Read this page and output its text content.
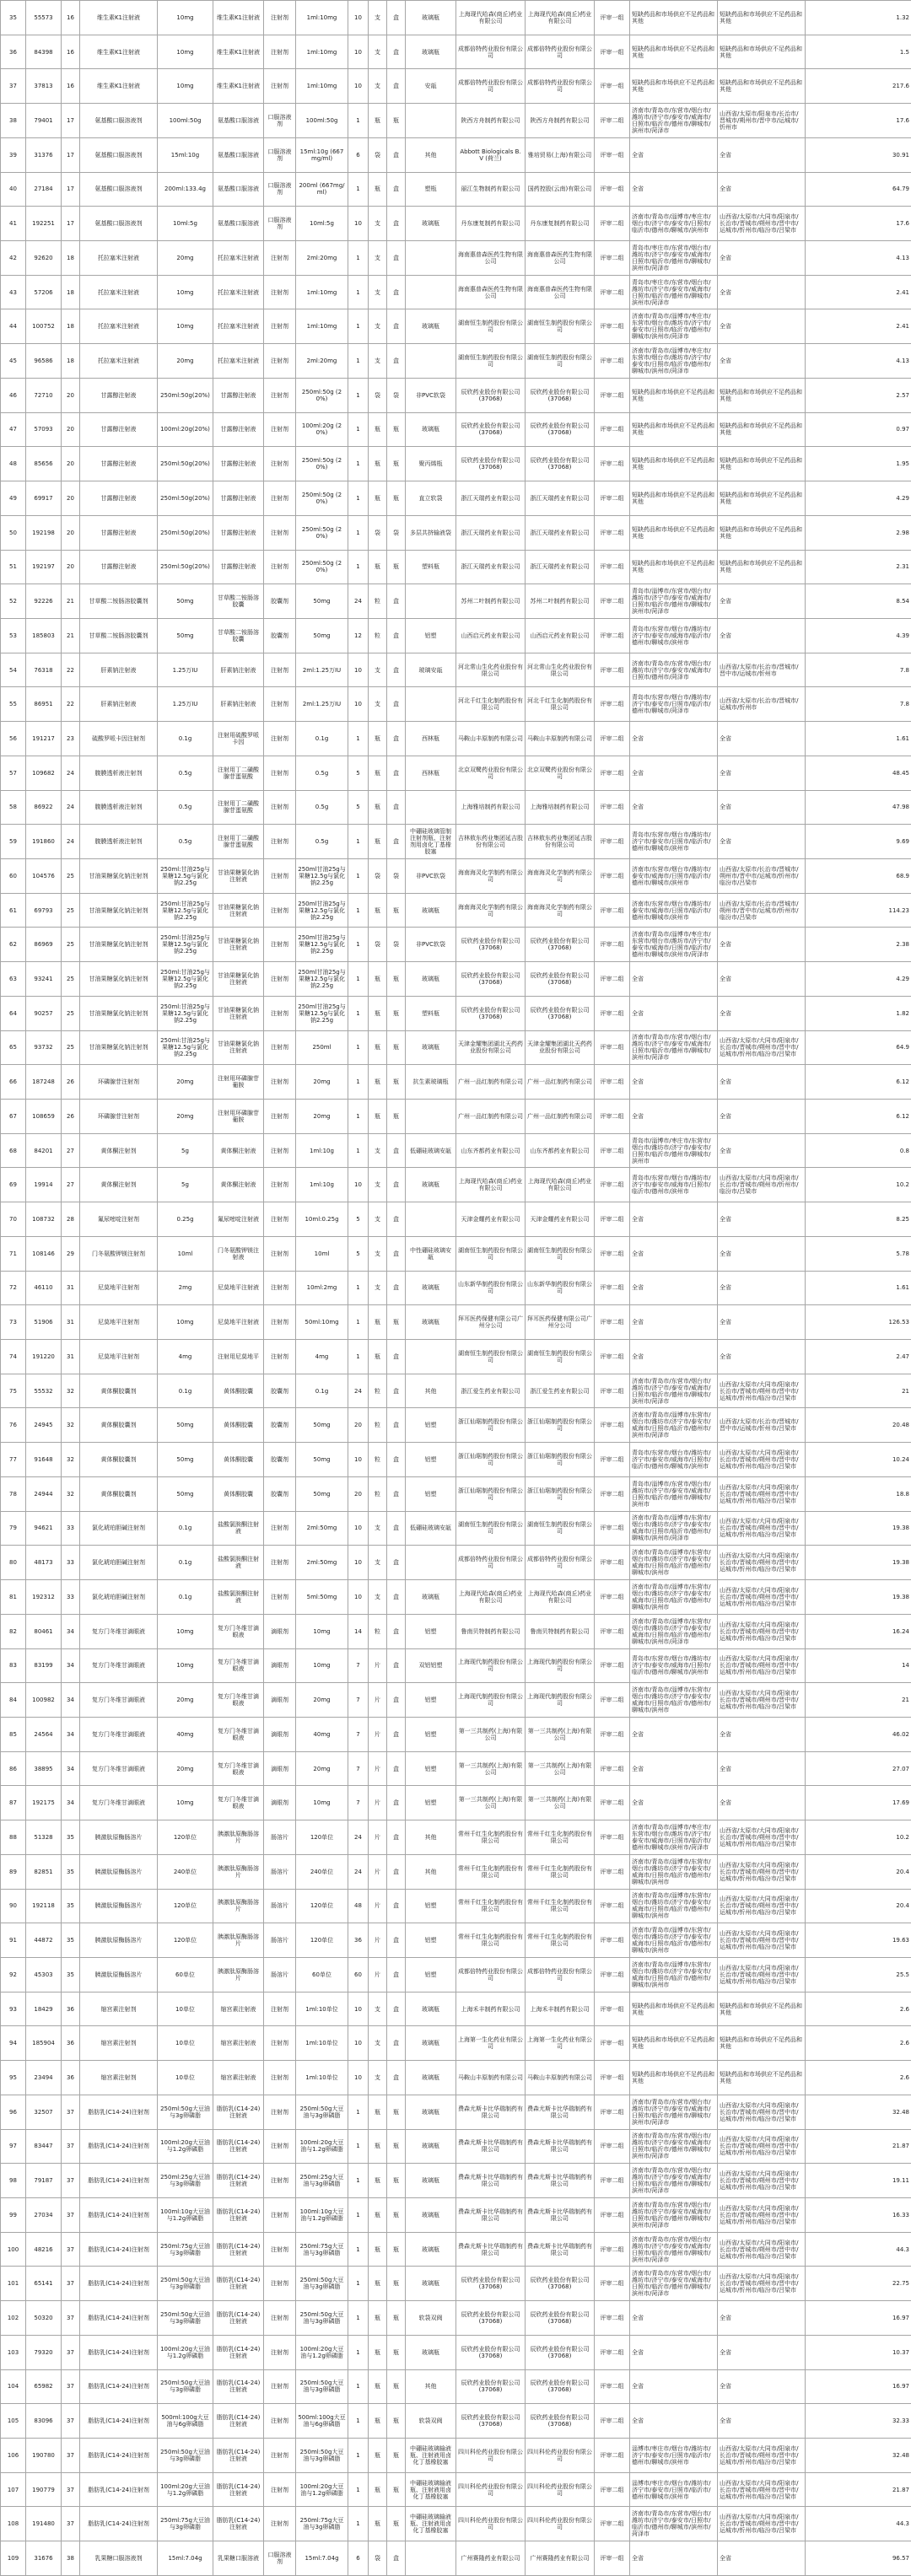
35	55573	16	维生素K1注射液	10mg	维生素K1注射液	注射剂	1ml:10mg	10	支	盒	玻璃瓶	上海现代哈森(商丘)药业有限公司	上海现代哈森(商丘)药业有限公司	评审一组	短缺药品和市场供应不足药品和其他	短缺药品和市场供应不足药品和其他	1.32
36	84398	16	维生素K1注射液	10mg	维生素K1注射液	注射剂	1ml:10mg	10	支	盒	玻璃瓶	成都倍特药业股份有限公司	成都倍特药业股份有限公司	评审一组	短缺药品和市场供应不足药品和其他	短缺药品和市场供应不足药品和其他	1.5
37	37813	16	维生素K1注射液	10mg	维生素K1注射液	注射剂	1ml:10mg	10	支	盒	安瓿	成都倍特药业股份有限公司	成都倍特药业股份有限公司	评审一组	短缺药品和市场供应不足药品和其他	短缺药品和市场供应不足药品和其他	217.6
38	79401	17	氨基酸口服溶液剂	100ml:50g	氨基酸口服溶液	口服溶液剂	100ml:50g	1	瓶	瓶		陕西方舟制药有限公司	陕西方舟制药有限公司	评审二组	济南市/青岛市/东营市/烟台市/潍坊市/济宁市/泰安市/威海市/日照市/临沂市/德州市/聊城市/滨州市/菏泽市	山西省/太原市/阳泉市/长治市/晋城市/朔州市/晋中市/运城市/忻州市	17.6
39	31376	17	氨基酸口服溶液剂	15ml:10g	氨基酸口服溶液	口服溶液剂	15ml:10g (667mg/ml)	6	袋	盒	其他	Abbott Biologicals B.V (荷兰)	雅培贸易(上海)有限公司	评审一组	全省	全省	30.91
40	27184	17	氨基酸口服溶液剂	200ml:133.4g	氨基酸口服溶液	口服溶液剂	200ml (667mg/ml)	1	瓶	盒	塑瓶	丽江生物制药有限公司	国药控股(云南)有限公司	评审一组	全省	全省	64.79
41	192251	17	氨基酸口服溶液剂	10ml:5g	氨基酸口服溶液	口服溶液剂	10ml:5g	10	支	盒	玻璃瓶	丹东康复制药有限公司	丹东康复制药有限公司	评审二组	济南市/青岛市/淄博市/枣庄市/烟台市/济宁市/泰安市/日照市/临沂市/德州市/聊城市/滨州市	山西省/太原市/大同市/阳泉市/长治市/晋城市/朔州市/晋中市/运城市/忻州市/临汾市/吕梁市	17.6
42	92620	18	托拉塞米注射液	20mg	托拉塞米注射液	注射剂	2ml:20mg	1	支	盒		海南惠普森医药生物有限公司	海南惠普森医药生物有限公司	评审二组	青岛市/枣庄市/东营市/烟台市/潍坊市/济宁市/泰安市/威海市/日照市/临沂市/德州市/聊城市/滨州市/菏泽市	全省	4.13
43	57206	18	托拉塞米注射液	10mg	托拉塞米注射液	注射剂	1ml:10mg	1	支	盒		海南惠普森医药生物有限公司	海南惠普森医药生物有限公司	评审二组	青岛市/枣庄市/东营市/烟台市/潍坊市/济宁市/泰安市/威海市/日照市/临沂市/德州市/聊城市/滨州市/菏泽市	全省	2.41
44	100752	18	托拉塞米注射液	10mg	托拉塞米注射液	注射剂	1ml:10mg	1	支	盒	玻璃瓶	湖南恒生制药股份有限公司	湖南恒生制药股份有限公司	评审二组	济南市/青岛市/淄博市/枣庄市/东营市/烟台市/潍坊市/济宁市/泰安市/日照市/临沂市/德州市/聊城市/滨州市/菏泽市	全省	2.41
45	96586	18	托拉塞米注射液	20mg	托拉塞米注射液	注射剂	2ml:20mg	1	支	盒		湖南恒生制药股份有限公司	湖南恒生制药股份有限公司	评审二组	济南市/青岛市/淄博市/枣庄市/东营市/烟台市/潍坊市/济宁市/泰安市/日照市/临沂市/德州市/聊城市/滨州市/菏泽市	全省	4.13
46	72710	20	甘露醇注射液	250ml:50g(20%)	甘露醇注射液	注射剂	250ml:50g (20%)	1	袋	袋	非PVC软袋	辰欣药业股份有限公司(37068)	辰欣药业股份有限公司(37068)	评审二组	短缺药品和市场供应不足药品和其他	短缺药品和市场供应不足药品和其他	2.57
47	57093	20	甘露醇注射液	100ml:20g(20%)	甘露醇注射液	注射剂	100ml:20g (20%)	1	瓶	瓶	玻璃瓶	辰欣药业股份有限公司(37068)	辰欣药业股份有限公司(37068)	评审二组	短缺药品和市场供应不足药品和其他	短缺药品和市场供应不足药品和其他	0.97
48	85656	20	甘露醇注射液	250ml:50g(20%)	甘露醇注射液	注射剂	250ml:50g (20%)	1	瓶	瓶	聚丙烯瓶	辰欣药业股份有限公司(37068)	辰欣药业股份有限公司(37068)	评审二组	短缺药品和市场供应不足药品和其他	短缺药品和市场供应不足药品和其他	1.95
49	69917	20	甘露醇注射液	250ml:50g(20%)	甘露醇注射液	注射剂	250ml:50g (20%)	1	瓶	瓶	直立软袋	浙江天瑞药业有限公司	浙江天瑞药业有限公司	评审二组	短缺药品和市场供应不足药品和其他	短缺药品和市场供应不足药品和其他	4.29
50	192198	20	甘露醇注射液	250ml:50g(20%)	甘露醇注射液	注射剂	250ml:50g (20%)	1	袋	袋	多层共挤输液袋	浙江天瑞药业有限公司	浙江天瑞药业有限公司	评审二组	短缺药品和市场供应不足药品和其他	短缺药品和市场供应不足药品和其他	2.98
51	192197	20	甘露醇注射液	250ml:50g(20%)	甘露醇注射液	注射剂	250ml:50g (20%)	1	瓶	瓶	塑料瓶	浙江天瑞药业有限公司	浙江天瑞药业有限公司	评审二组	短缺药品和市场供应不足药品和其他	短缺药品和市场供应不足药品和其他	2.31
52	92226	21	甘草酸二铵肠溶胶囊剂	50mg	甘草酸二铵肠溶胶囊	胶囊剂	50mg	24	粒	盒		苏州二叶制药有限公司	苏州二叶制药有限公司	评审二组	青岛市/淄博市/东营市/烟台市/潍坊市/济宁市/泰安市/威海市/日照市/临沂市/德州市/聊城市/滨州市/菏泽市	全省	8.54
53	185803	21	甘草酸二铵肠溶胶囊剂	50mg	甘草酸二铵肠溶胶囊	胶囊剂	50mg	12	粒	盒	铝塑	山西启元药业有限公司	山西启元药业有限公司	评审二组	青岛市/东营市/烟台市/潍坊市/济宁市/泰安市/威海市/临沂市/德州市/聊城市/滨州市	全省	4.39
54	76318	22	肝素钠注射液	1.25万IU	肝素钠注射液	注射剂	2ml:1.25万IU	10	支	盒	玻璃安瓿	河北常山生化药业股份有限公司	河北常山生化药业股份有限公司	评审二组	济南市/青岛市/东营市/烟台市/潍坊市/济宁市/泰安市/威海市/日照市/德州市/菏泽市	山西省/太原市/长治市/晋城市/晋中市/运城市/忻州市	7.8
55	86951	22	肝素钠注射液	1.25万IU	肝素钠注射液	注射剂	2ml:1.25万IU	10	支	盒		河北千红生化制药股份有限公司	河北千红生化制药股份有限公司	评审二组	青岛市/东营市/烟台市/潍坊市/济宁市/泰安市/日照市/临沂市/德州市/聊城市/菏泽市	山西省/太原市/长治市/晋城市/运城市/忻州市	7.8
56	191217	23	硫酸罗哌卡因注射剂	0.1g	注射用硫酸罗哌卡因	注射剂	0.1g	1	瓶	盒	西林瓶	马鞍山丰原制药有限公司	马鞍山丰原制药有限公司	评审二组	全省	全省	1.61
57	109682	24	腹膜透析液注射剂	0.5g	注射用丁二磺酸腺苷蛋氨酸	注射剂	0.5g	5	瓶	盒	西林瓶	北京双鹭药业股份有限公司	北京双鹭药业股份有限公司	评审二组	全省	全省	48.45
58	86922	24	腹膜透析液注射剂	0.5g	注射用丁二磺酸腺苷蛋氨酸	注射剂	0.5g	5	瓶	盒		上海雅培制药有限公司	上海雅培制药有限公司	评审二组	全省	全省	47.98
59	191860	24	腹膜透析液注射剂	0.5g	注射用丁二磺酸腺苷蛋氨酸	注射剂	0.5g	1	瓶	盒	中硼硅玻璃管制注射剂瓶、注射剂用卤化丁基橡胶塞	吉林敖东药业集团延吉股份有限公司	吉林敖东药业集团延吉股份有限公司	评审二组	青岛市/东营市/烟台市/潍坊市/济宁市/泰安市/日照市/临沂市/德州市/聊城市/滨州市	全省	9.69
60	104576	25	甘油果糖氯化钠注射剂	250ml:甘油25g与果糖12.5g与氯化钠2.25g	甘油果糖氯化钠注射液	注射剂	250ml甘油25g与果糖12.5g与氯化钠2.25g	1	袋	袋	非PVC软袋	海南海灵化学制药有限公司	海南海灵化学制药有限公司	评审二组	济南市/东营市/烟台市/潍坊市/泰安市/威海市/日照市/临沂市/德州市/聊城市/滨州市	山西省/太原市/长治市/晋城市/朔州市/晋中市/运城市/忻州市/临汾市/吕梁市	68.9
61	69793	25	甘油果糖氯化钠注射剂	250ml:甘油25g与果糖12.5g与氯化钠2.25g	甘油果糖氯化钠注射液	注射剂	250ml甘油25g与果糖12.5g与氯化钠2.25g	1	瓶	瓶	玻璃瓶	海南海灵化学制药有限公司	海南海灵化学制药有限公司	评审二组	济南市/东营市/烟台市/潍坊市/泰安市/威海市/日照市/临沂市/德州市/聊城市/滨州市	山西省/太原市/长治市/晋城市/朔州市/晋中市/运城市/忻州市/临汾市/吕梁市	114.23
62	86969	25	甘油果糖氯化钠注射剂	250ml:甘油25g与果糖12.5g与氯化钠2.25g	甘油果糖氯化钠注射液	注射剂	250ml甘油25g与果糖12.5g与氯化钠2.25g	1	袋	袋	非PVC软袋	辰欣药业股份有限公司(37068)	辰欣药业股份有限公司(37068)	评审二组	济南市/青岛市/淄博市/枣庄市/东营市/烟台市/潍坊市/济宁市/泰安市/威海市/日照市/临沂市/德州市/聊城市/滨州市/菏泽市	全省	2.38
63	93241	25	甘油果糖氯化钠注射剂	250ml:甘油25g与果糖12.5g与氯化钠2.25g	甘油果糖氯化钠注射液	注射剂	250ml甘油25g与果糖12.5g与氯化钠2.25g	1	瓶	瓶	玻璃瓶	辰欣药业股份有限公司(37068)	辰欣药业股份有限公司(37068)	评审二组	全省	全省	4.29
64	90257	25	甘油果糖氯化钠注射剂	250ml:甘油25g与果糖12.5g与氯化钠2.25g	甘油果糖氯化钠注射液	注射剂	250ml甘油25g与果糖12.5g与氯化钠2.25g	1	瓶	瓶	塑料瓶	辰欣药业股份有限公司(37068)	辰欣药业股份有限公司(37068)	评审二组	全省	全省	1.82
65	93732	25	甘油果糖氯化钠注射剂	250ml:甘油25g与果糖12.5g与氯化钠2.25g	甘油果糖氯化钠注射液	注射剂	250ml	1	瓶	瓶	玻璃瓶	天津金耀集团湖北天药药业股份有限公司	天津金耀集团湖北天药药业股份有限公司	评审二组	济南市/青岛市/东营市/烟台市/潍坊市/济宁市/泰安市/威海市/日照市/临沂市/德州市/聊城市/滨州市/菏泽市	山西省/太原市/大同市/阳泉市/长治市/晋城市/朔州市/晋中市/运城市/忻州市/临汾市/吕梁市	64.9
66	187248	26	环磷腺苷注射剂	20mg	注射用环磷腺苷葡胺	注射剂	20mg	1	瓶	瓶	抗生素玻璃瓶	广州一品红制药有限公司	广州一品红制药有限公司	评审二组	全省	全省	6.12
67	108659	26	环磷腺苷注射剂	20mg	注射用环磷腺苷葡胺	注射剂	20mg	1	瓶	瓶		广州一品红制药有限公司	广州一品红制药有限公司	评审二组	全省	全省	6.12
68	84201	27	黄体酮注射剂	5g	黄体酮注射液	注射剂	1ml:10g	1	支	盒	低硼硅玻璃安瓿	山东齐都药业有限公司	山东齐都药业有限公司	评审二组	青岛市/淄博市/枣庄市/东营市/烟台市/潍坊市/济宁市/泰安市/日照市/临沂市/德州市/聊城市/滨州市	全省	0.8
69	19914	27	黄体酮注射剂	5g	黄体酮注射液	注射剂	1ml:10g	10	支	盒	玻璃瓶	上海现代哈森(商丘)药业有限公司	上海现代哈森(商丘)药业有限公司	评审二组	青岛市/东营市/烟台市/潍坊市/济宁市/泰安市/威海市/日照市/临沂市/德州市/滨州市	山西省/太原市/大同市/阳泉市/长治市/晋城市/朔州市/忻州市/临汾市/吕梁市	10.2
70	108732	28	氟尿嘧啶注射剂	0.25g	氟尿嘧啶注射液	注射剂	10ml:0.25g	5	支	盒		天津金耀药业有限公司	天津金耀药业有限公司	评审二组	全省	全省	8.25
71	108146	29	门冬氨酸钾镁注射剂	10ml	门冬氨酸钾镁注射液	注射剂	10ml	5	支	盒	中性硼硅玻璃安瓿	湖南恒生制药股份有限公司	湖南恒生制药股份有限公司	评审二组	全省	全省	5.78
72	46110	31	尼莫地平注射剂	2mg	尼莫地平注射液	注射剂	10ml:2mg	1	支	盒	玻璃瓶	山东新华制药股份有限公司	山东新华制药股份有限公司	评审二组	全省	全省	1.61
73	51906	31	尼莫地平注射剂	10mg	尼莫地平注射液	注射剂	50ml:10mg	1	瓶	瓶	玻璃瓶	拜耳医药保健有限公司广州分公司	拜耳医药保健有限公司广州分公司	评审二组	全省	全省	126.53
74	191220	31	尼莫地平注射剂	4mg	注射用尼莫地平	注射剂	4mg	1	瓶	盒		湖南恒生制药股份有限公司	湖南恒生制药股份有限公司	评审二组	全省	全省	2.47
75	55532	32	黄体酮胶囊剂	0.1g	黄体酮胶囊	胶囊剂	0.1g	24	粒	盒	其他	浙江爱生药业有限公司	浙江爱生药业有限公司	评审二组	济南市/青岛市/东营市/烟台市/潍坊市/济宁市/泰安市/威海市/日照市/临沂市/德州市/聊城市/滨州市/菏泽市	山西省/太原市/大同市/阳泉市/长治市/晋城市/朔州市/晋中市/运城市/忻州市/临汾市/吕梁市	21
76	24945	32	黄体酮胶囊剂	50mg	黄体酮胶囊	胶囊剂	50mg	20	粒	盒	铝塑	浙江仙琚制药股份有限公司	浙江仙琚制药股份有限公司	评审二组	济南市/青岛市/淄博市/东营市/烟台市/潍坊市/济宁市/泰安市/威海市/日照市/临沂市/德州市/滨州市/菏泽市	山西省/太原市/长治市/晋城市/晋中市/运城市/忻州市/吕梁市	20.48
77	91648	32	黄体酮胶囊剂	50mg	黄体酮胶囊	胶囊剂	50mg	10	粒	盒	铝塑	浙江仙琚制药股份有限公司	浙江仙琚制药股份有限公司	评审二组	青岛市/东营市/烟台市/潍坊市/济宁市/泰安市/威海市/日照市/临沂市/德州市/聊城市/滨州市	山西省/太原市/大同市/阳泉市/长治市/晋城市/朔州市/晋中市/运城市/忻州市/临汾市/吕梁市	10.24
78	24944	32	黄体酮胶囊剂	50mg	黄体酮胶囊	胶囊剂	50mg	20	粒	盒	铝塑	浙江仙琚制药股份有限公司	浙江仙琚制药股份有限公司	评审二组	青岛市/淄博市/东营市/烟台市/潍坊市/济宁市/泰安市/威海市/日照市/临沂市/德州市/聊城市/滨州市	山西省/太原市/大同市/阳泉市/长治市/晋城市/朔州市/晋中市/运城市/忻州市/临汾市/吕梁市	18.8
79	94621	33	氯化琥珀胆碱注射剂	0.1g	盐酸氯胺酮注射液	注射剂	2ml:50mg	10	支	盒	低硼硅玻璃安瓿	湖南恒生制药股份有限公司	湖南恒生制药股份有限公司	评审二组	济南市/青岛市/淄博市/东营市/烟台市/潍坊市/济宁市/泰安市/威海市/日照市/临沂市/德州市/聊城市/滨州市/菏泽市	山西省/太原市/大同市/阳泉市/长治市/晋城市/朔州市/晋中市/运城市/忻州市/临汾市/吕梁市	19.38
80	48173	33	氯化琥珀胆碱注射剂	0.1g	盐酸氯胺酮注射液	注射剂	2ml:50mg	10	支	盒		成都倍特药业股份有限公司	成都倍特药业股份有限公司	评审二组	济南市/青岛市/淄博市/东营市/烟台市/潍坊市/济宁市/泰安市/威海市/日照市/临沂市/德州市/聊城市/滨州市	山西省/太原市/大同市/阳泉市/长治市/晋城市/朔州市/晋中市/运城市/忻州市/临汾市/吕梁市	19.38
81	192312	33	氯化琥珀胆碱注射剂	0.1g	盐酸氯胺酮注射液	注射剂	5ml:50mg	10	支	盒	玻璃瓶	上海现代哈森(商丘)药业有限公司	上海现代哈森(商丘)药业有限公司	评审二组	济南市/青岛市/淄博市/东营市/烟台市/潍坊市/济宁市/泰安市/威海市/日照市/临沂市/德州市/聊城市/滨州市	山西省/太原市/大同市/阳泉市/长治市/晋城市/朔州市/晋中市/运城市/忻州市/临汾市/吕梁市	19.38
82	80461	34	复方门冬维甘滴眼液	10mg	复方门冬维甘滴眼液	滴眼剂	10mg	14	粒	盒	铝塑	鲁南贝特制药有限公司	鲁南贝特制药有限公司	评审二组	济南市/青岛市/淄博市/东营市/烟台市/潍坊市/济宁市/泰安市/威海市/日照市/临沂市/德州市/聊城市/滨州市/菏泽市	山西省/太原市/大同市/阳泉市/长治市/晋城市/朔州市/晋中市/运城市/忻州市/临汾市/吕梁市	16.24
83	83199	34	复方门冬维甘滴眼液	10mg	复方门冬维甘滴眼液	滴眼剂	10mg	7	片	盒	双铝铝塑	上海现代制药股份有限公司	上海现代制药股份有限公司	评审二组	青岛市/东营市/烟台市/潍坊市/济宁市/泰安市/威海市/日照市/临沂市/德州市/聊城市/滨州市	山西省/太原市/大同市/阳泉市/长治市/晋城市/朔州市/晋中市/运城市/忻州市/临汾市/吕梁市	14
84	100982	34	复方门冬维甘滴眼液	20mg	复方门冬维甘滴眼液	滴眼剂	20mg	7	片	盒	铝塑	上海现代制药股份有限公司	上海现代制药股份有限公司	评审二组	济南市/青岛市/淄博市/东营市/烟台市/潍坊市/济宁市/泰安市/威海市/日照市/临沂市/德州市/聊城市/滨州市	山西省/太原市/大同市/阳泉市/长治市/晋城市/朔州市/晋中市/运城市/忻州市/临汾市/吕梁市	21
85	24564	34	复方门冬维甘滴眼液	40mg	复方门冬维甘滴眼液	滴眼剂	40mg	7	片	盒	铝塑	第一三共制药(上海)有限公司	第一三共制药(上海)有限公司	评审二组	全省	全省	46.02
86	38895	34	复方门冬维甘滴眼液	20mg	复方门冬维甘滴眼液	滴眼剂	20mg	7	片	盒	铝塑	第一三共制药(上海)有限公司	第一三共制药(上海)有限公司	评审二组	全省	全省	27.07
87	192175	34	复方门冬维甘滴眼液	10mg	复方门冬维甘滴眼液	滴眼剂	10mg	7	片	盒	铝塑	第一三共制药(上海)有限公司	第一三共制药(上海)有限公司	评审二组	全省	全省	17.69
88	51328	35	胰激肽原酶肠溶片	120单位	胰激肽原酶肠溶片	肠溶片	120单位	24	片	盒	其他	常州千红生化制药股份有限公司	常州千红生化制药股份有限公司	评审二组	济南市/青岛市/淄博市/枣庄市/东营市/烟台市/潍坊市/济宁市/泰安市/威海市/日照市/临沂市/德州市/聊城市/滨州市/菏泽市	山西省/太原市/大同市/阳泉市/长治市/晋城市/朔州市/晋中市/运城市/忻州市/临汾市/吕梁市	10.2
89	82851	35	胰激肽原酶肠溶片	240单位	胰激肽原酶肠溶片	肠溶片	240单位	24	片	盒	其他	常州千红生化制药股份有限公司	常州千红生化制药股份有限公司	评审二组	济南市/青岛市/淄博市/东营市/烟台市/潍坊市/济宁市/泰安市/威海市/日照市/临沂市/德州市/聊城市/滨州市	山西省/太原市/大同市/阳泉市/长治市/晋城市/朔州市/晋中市/运城市/忻州市/临汾市/吕梁市	20.4
90	192118	35	胰激肽原酶肠溶片	120单位	胰激肽原酶肠溶片	肠溶片	120单位	48	片	盒	铝塑	常州千红生化制药股份有限公司	常州千红生化制药股份有限公司	评审二组	济南市/青岛市/淄博市/东营市/烟台市/潍坊市/济宁市/泰安市/威海市/日照市/临沂市/德州市/聊城市/滨州市	山西省/太原市/大同市/阳泉市/长治市/晋城市/朔州市/晋中市/运城市/忻州市/临汾市/吕梁市	20.4
91	44872	35	胰激肽原酶肠溶片	120单位	胰激肽原酶肠溶片	肠溶片	120单位	36	片	盒	铝塑	常州千红生化制药股份有限公司	常州千红生化制药股份有限公司	评审二组	济南市/青岛市/淄博市/东营市/烟台市/潍坊市/济宁市/泰安市/威海市/日照市/临沂市/德州市/聊城市/滨州市	山西省/太原市/大同市/阳泉市/长治市/晋城市/朔州市/晋中市/运城市/忻州市/临汾市/吕梁市	19.63
92	45303	35	胰激肽原酶肠溶片	60单位	胰激肽原酶肠溶片	肠溶片	60单位	60	片	盒	铝塑	成都倍特药业股份有限公司	成都倍特药业股份有限公司	评审二组	济南市/青岛市/淄博市/东营市/烟台市/潍坊市/济宁市/泰安市/威海市/日照市/临沂市/德州市/聊城市/滨州市	山西省/太原市/大同市/阳泉市/长治市/晋城市/朔州市/晋中市/运城市/忻州市/临汾市/吕梁市	25.5
93	18429	36	缩宫素注射剂	10单位	缩宫素注射液	注射剂	1ml:10单位	10	支	盒	玻璃瓶	上海禾丰制药有限公司	上海禾丰制药有限公司	评审一组	短缺药品和市场供应不足药品和其他	短缺药品和市场供应不足药品和其他	2.6
94	185904	36	缩宫素注射剂	10单位	缩宫素注射液	注射剂	1ml:10单位	10	支	盒	玻璃瓶	上海第一生化药业有限公司	上海第一生化药业有限公司	评审一组	短缺药品和市场供应不足药品和其他	短缺药品和市场供应不足药品和其他	2.6
95	23494	36	缩宫素注射剂	10单位	缩宫素注射液	注射剂	1ml:10单位	10	支	盒	玻璃瓶	马鞍山丰原制药有限公司	马鞍山丰原制药有限公司	评审一组	短缺药品和市场供应不足药品和其他	短缺药品和市场供应不足药品和其他	2.6
96	32507	37	脂肪乳(C14-24)注射剂	250ml:50g大豆油与3g卵磷脂	脂肪乳(C14-24)注射液	注射剂	250ml:50g大豆油与3g卵磷脂	1	瓶	瓶	玻璃瓶	费森尤斯卡比华瑞制药有限公司	费森尤斯卡比华瑞制药有限公司	评审二组	济南市/青岛市/东营市/烟台市/潍坊市/济宁市/泰安市/威海市/日照市/临沂市/德州市/聊城市/滨州市/菏泽市	山西省/太原市/大同市/阳泉市/长治市/晋城市/朔州市/晋中市/运城市/忻州市/临汾市/吕梁市	32.48
97	83447	37	脂肪乳(C14-24)注射剂	100ml:20g大豆油与1.2g卵磷脂	脂肪乳(C14-24)注射液	注射剂	100ml:20g大豆油与1.2g卵磷脂	1	瓶	瓶	玻璃瓶	费森尤斯卡比华瑞制药有限公司	费森尤斯卡比华瑞制药有限公司	评审二组	济南市/青岛市/东营市/烟台市/潍坊市/济宁市/泰安市/威海市/日照市/临沂市/德州市/聊城市/滨州市/菏泽市	山西省/太原市/大同市/阳泉市/长治市/晋城市/朔州市/晋中市/运城市/忻州市/临汾市/吕梁市	21.87
98	79187	37	脂肪乳(C14-24)注射剂	250ml:25g大豆油与3g卵磷脂	脂肪乳(C14-24)注射液	注射剂	250ml:25g大豆油与3g卵磷脂	1	瓶	瓶	玻璃瓶	费森尤斯卡比华瑞制药有限公司	费森尤斯卡比华瑞制药有限公司	评审二组	济南市/青岛市/东营市/烟台市/潍坊市/济宁市/泰安市/威海市/日照市/临沂市/德州市/聊城市/滨州市/菏泽市	山西省/太原市/大同市/阳泉市/长治市/晋城市/朔州市/晋中市/运城市/忻州市/临汾市/吕梁市	19.11
99	27034	37	脂肪乳(C14-24)注射剂	100ml:10g大豆油与1.2g卵磷脂	脂肪乳(C14-24)注射液	注射剂	100ml:10g大豆油与1.2g卵磷脂	1	瓶	瓶	玻璃瓶	费森尤斯卡比华瑞制药有限公司	费森尤斯卡比华瑞制药有限公司	评审二组	济南市/青岛市/东营市/烟台市/潍坊市/济宁市/泰安市/威海市/日照市/临沂市/德州市/聊城市/滨州市/菏泽市	山西省/太原市/大同市/阳泉市/长治市/晋城市/朔州市/晋中市/运城市/忻州市/临汾市/吕梁市	16.33
100	48216	37	脂肪乳(C14-24)注射剂	250ml:75g大豆油与3g卵磷脂	脂肪乳(C14-24)注射液	注射剂	250ml:75g大豆油与3g卵磷脂	1	瓶	瓶	玻璃瓶	费森尤斯卡比华瑞制药有限公司	费森尤斯卡比华瑞制药有限公司	评审二组	济南市/青岛市/东营市/烟台市/潍坊市/济宁市/泰安市/威海市/日照市/临沂市/德州市/聊城市/滨州市/菏泽市	山西省/太原市/大同市/阳泉市/长治市/晋城市/朔州市/晋中市/运城市/忻州市/临汾市/吕梁市	44.3
101	65141	37	脂肪乳(C14-24)注射剂	250ml:50g大豆油与3g卵磷脂	脂肪乳(C14-24)注射液	注射剂	250ml:50g大豆油与3g卵磷脂	1	瓶	瓶	玻璃瓶	辰欣药业股份有限公司(37068)	辰欣药业股份有限公司(37068)	评审二组	济南市/青岛市/东营市/烟台市/潍坊市/济宁市/泰安市/威海市/日照市/临沂市/德州市/聊城市/滨州市/菏泽市	山西省/太原市/大同市/阳泉市/长治市/晋城市/朔州市/晋中市/运城市/忻州市/临汾市/吕梁市	22.75
102	50320	37	脂肪乳(C14-24)注射剂	250ml:50g大豆油与3g卵磷脂	脂肪乳(C14-24)注射液	注射剂	250ml:50g大豆油与3g卵磷脂	1	瓶	瓶	软袋双阀	辰欣药业股份有限公司(37068)	辰欣药业股份有限公司(37068)	评审二组	全省	全省	16.97
103	79320	37	脂肪乳(C14-24)注射剂	100ml:20g大豆油与1.2g卵磷脂	脂肪乳(C14-24)注射液	注射剂	100ml:20g大豆油与1.2g卵磷脂	1	瓶	瓶	玻璃瓶	辰欣药业股份有限公司(37068)	辰欣药业股份有限公司(37068)	评审二组	全省	全省	10.37
104	65982	37	脂肪乳(C14-24)注射剂	250ml:50g大豆油与3g卵磷脂	脂肪乳(C14-24)注射液	注射剂	250ml:50g大豆油与3g卵磷脂	1	瓶	瓶	其他	辰欣药业股份有限公司(37068)	辰欣药业股份有限公司(37068)	评审二组	全省	全省	16.97
105	83096	37	脂肪乳(C14-24)注射剂	500ml:100g大豆油与6g卵磷脂	脂肪乳(C14-24)注射液	注射剂	500ml:100g大豆油与6g卵磷脂	1	瓶	瓶	软袋双阀	辰欣药业股份有限公司(37068)	辰欣药业股份有限公司(37068)	评审二组	全省	全省	32.33
106	190780	37	脂肪乳(C14-24)注射剂	250ml:50g大豆油与3g卵磷脂	脂肪乳(C14-24)注射液	注射剂	250ml:50g大豆油与3g卵磷脂	1	瓶	瓶	中硼硅玻璃输液瓶、注射液用卤化丁基橡胶塞	四川科伦药业股份有限公司	四川科伦药业股份有限公司	评审二组	淄博市/枣庄市/烟台市/潍坊市/济宁市/泰安市/日照市/临沂市/德州市/聊城市/滨州市	山西省/太原市/大同市/阳泉市/长治市/晋城市/朔州市/晋中市/运城市/忻州市/临汾市/吕梁市	32.48
107	190779	37	脂肪乳(C14-24)注射剂	100ml:20g大豆油与1.2g卵磷脂	脂肪乳(C14-24)注射液	注射剂	100ml:20g大豆油与1.2g卵磷脂	1	瓶	瓶	中硼硅玻璃输液瓶、注射液用卤化丁基橡胶塞	四川科伦药业股份有限公司	四川科伦药业股份有限公司	评审二组	淄博市/枣庄市/烟台市/潍坊市/济宁市/泰安市/日照市/临沂市/德州市/聊城市/滨州市	山西省/太原市/大同市/阳泉市/长治市/晋城市/朔州市/晋中市/运城市/忻州市/临汾市/吕梁市	21.87
108	191480	37	脂肪乳(C14-24)注射剂	250ml:75g大豆油与3g卵磷脂	脂肪乳(C14-24)注射液	注射剂	250ml:75g大豆油与3g卵磷脂	1	瓶	瓶	中硼硅玻璃输液瓶、注射液用卤化丁基橡胶塞	四川科伦药业股份有限公司	四川科伦药业股份有限公司	评审二组	济南市/青岛市/东营市/烟台市/潍坊市/济宁市/泰安市/日照市/临沂市/德州市/聊城市/滨州市/菏泽市	山西省/太原市/大同市/阳泉市/长治市/晋城市/朔州市/晋中市/运城市/忻州市/临汾市/吕梁市	44.3
109	31676	38	乳果糖口服溶液剂	15ml:7.04g	乳果糖口服溶液	口服溶液剂	15ml:7.04g	6	袋	盒		广州赛隆药业有限公司	广州赛隆药业有限公司	评审一组	全省	全省	96.57
